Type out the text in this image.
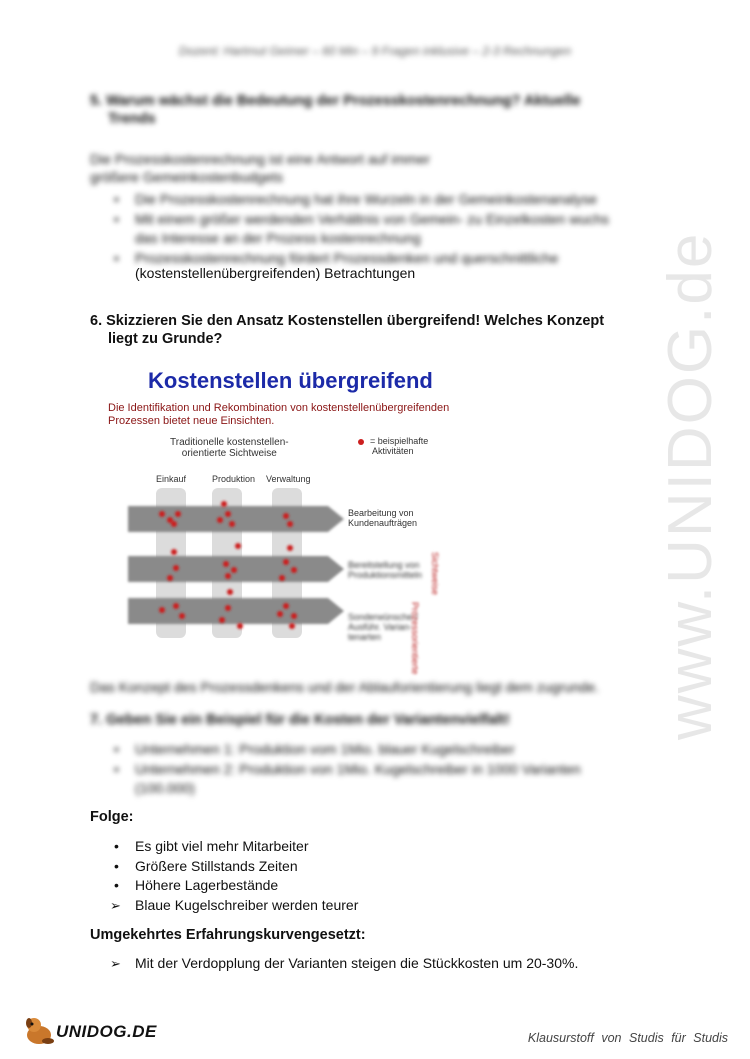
www.UNIDOG.de
Dozent: Hartmut Geimer – 60 Min – 9 Fragen inklusive – 2-3 Rechnungen
5. Warum wächst die Bedeutung der Prozesskostenrechnung? Aktuelle
Trends
Die Prozesskostenrechnung ist eine Antwort auf immer
größere Gemeinkostenbudgets
• Die Prozesskostenrechnung hat ihre Wurzeln in der Gemeinkostenanalyse
• Mit einem größer werdenden Verhältnis von Gemein- zu Einzelkosten wuchs
das Interesse an der Prozess kostenrechnung
• Prozesskostenrechnung fördert Prozessdenken und querschnittliche
(kostenstellenübergreifenden) Betrachtungen
6. Skizzieren Sie den Ansatz Kostenstellen übergreifend! Welches Konzept
liegt zu Grunde?
Kostenstellen übergreifend
Die Identifikation und Rekombination von kostenstellenübergreifenden
Prozessen bietet neue Einsichten.
Traditionelle kostenstellen-
orientierte Sichtweise
= beispielhafte
Aktivitäten
Einkauf	Produktion Verwaltung
Bearbeitung von
Kundenaufträgen
Bereitstellung von
Produktionsmitteln
Sonderwünsche /
Ausführ. Varian-
tenarten	Prozessorientierte
Sichtweise
Das Konzept des Prozessdenkens und der Ablauforientierung liegt dem zugrunde.
7. Geben Sie ein Beispiel für die Kosten der Variantenvielfalt!
• Unternehmen 1: Produktion vom 1Mio. blauer Kugelschreiber
• Unternehmen 2: Produktion von 1Mio. Kugelschreiber in 1000 Varianten
(100.000)
Folge:
• Es gibt viel mehr Mitarbeiter
• Größere Stillstands Zeiten
• Höhere Lagerbestände
➢ Blaue Kugelschreiber werden teurer
Umgekehrtes Erfahrungskurvengesetzt:
➢ Mit der Verdopplung der Varianten steigen die Stückkosten um 20-30%.
UNIDOG.DE	Klausurstoff von Studis für Studis
